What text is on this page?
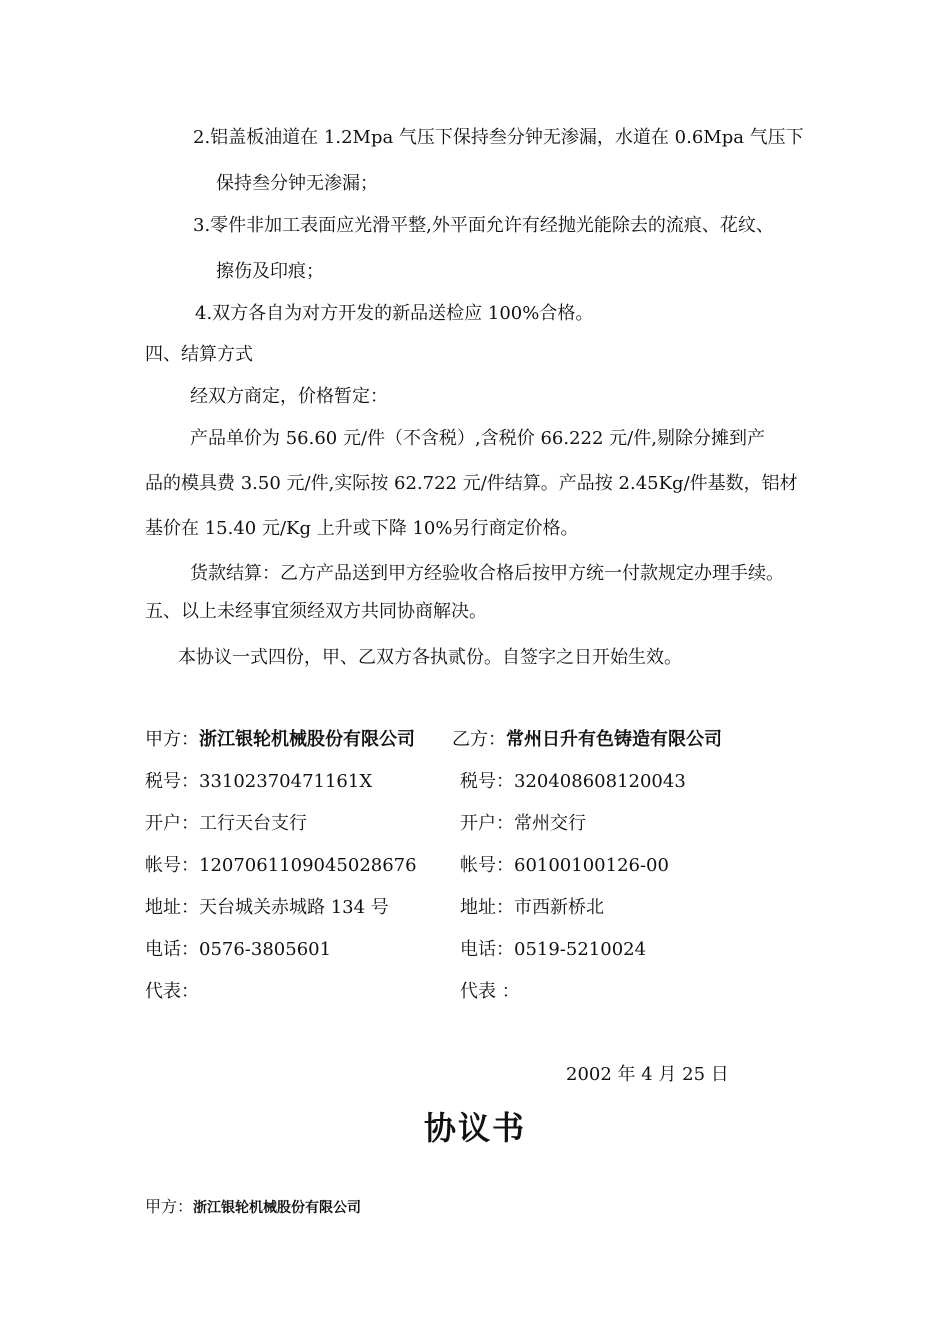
2.铝盖板油道在 1.2Mpa 气压下保持叁分钟无渗漏，水道在 0.6Mpa 气压下
保持叁分钟无渗漏；
3.零件非加工表面应光滑平整,外平面允许有经抛光能除去的流痕、花纹、
擦伤及印痕；
4.双方各自为对方开发的新品送检应 100%合格。
四、结算方式
经双方商定，价格暂定：
产品单价为 56.60 元/件（不含税）,含税价 66.222 元/件,剔除分摊到产
品的模具费 3.50 元/件,实际按 62.722 元/件结算。产品按 2.45Kg/件基数，铝材
基价在 15.40 元/Kg 上升或下降 10%另行商定价格。
货款结算：乙方产品送到甲方经验收合格后按甲方统一付款规定办理手续。
五、以上未经事宜须经双方共同协商解决。
本协议一式四份，甲、乙双方各执贰份。自签字之日开始生效。
甲方：浙江银轮机械股份有限公司 乙方：常州日升有色铸造有限公司
税号：33102370471161X	税号：320408608120043
开户：工行天台支行	开户：常州交行
帐号：1207061109045028676 帐号：60100100126-00
地址：天台城关赤城路 134 号	地址：市西新桥北
电话：0576-3805601	电话：0519-5210024
代表：	代表 ：
2002 年 4 月 25 日
协议书
甲方：浙江银轮机械股份有限公司
